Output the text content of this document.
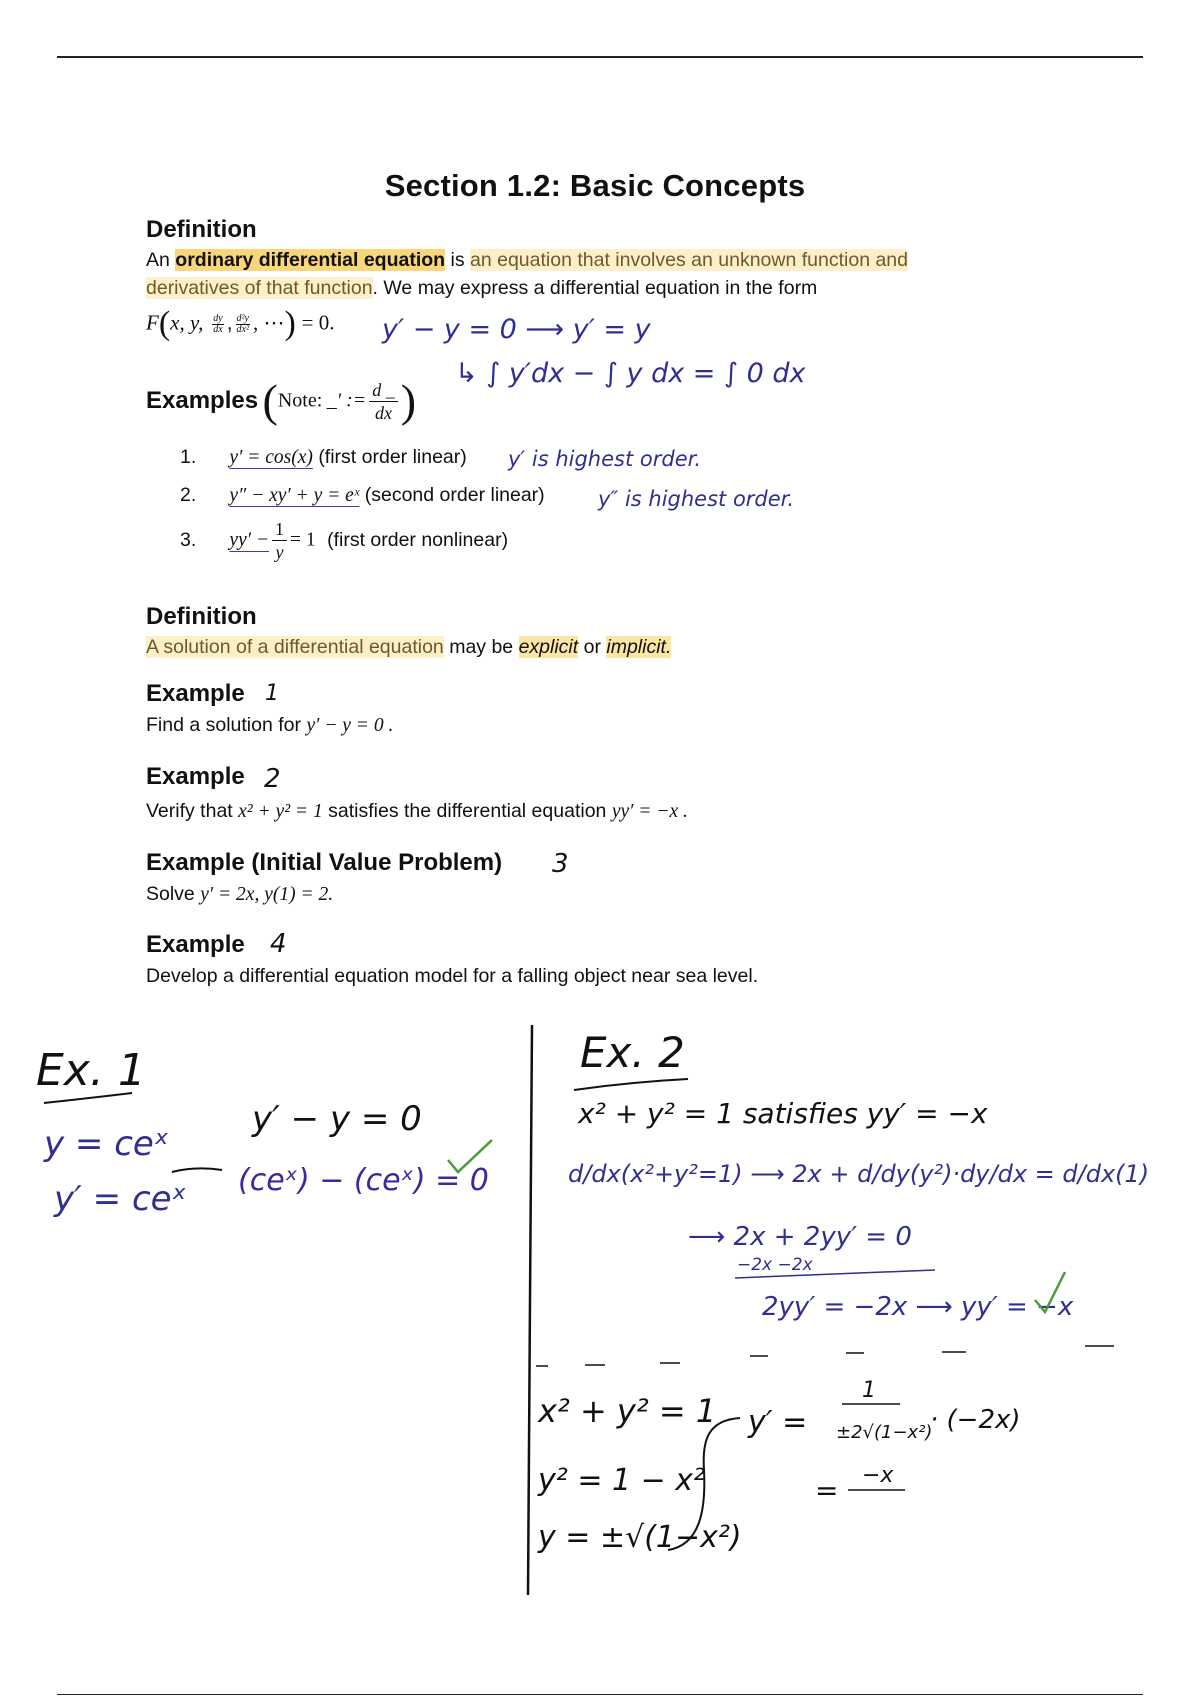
Section 1.2: Basic Concepts
Definition

An ordinary differential equation is an equation that involves an unknown function and

derivatives of that function. We may express a differential equation in the form

F(x, y, $\frac{dy}{dx}$ , $\frac{\text{d²y}}{\text{dx²}}$ , ⋯) = 0.
Examples (Note: _′ := $\frac{d \_}{dx}$ )
1. y′ = cos(x) (first order linear)
2. y″ − xy′ + y = eˣ (second order linear)
3. $yy' - \frac{1}{y} = 1$ (first order nonlinear)
Definition

A solution of a differential equation may be explicit or implicit.

Example

Find a solution for y′ − y = 0 .

Example

Verify that x² + y² = 1 satisfies the differential equation yy′ = −x .

Example (Initial Value Problem)

Solve y′ = 2x, y(1) = 2.

Example

Develop a differential equation model for a falling object near sea level.

y′ − y = 0 ⟶ y′ = y
↳ ∫ y′dx − ∫ y dx = ∫ 0 dx
y′ is highest order.
y″ is highest order.
1
2
3
4
Ex. 1
y = ceˣ
y′ = ceˣ
y′ − y = 0
(ceˣ) − (ceˣ) = 0
Ex. 2
x² + y² = 1 satisfies yy′ = −x
d/dx(x²+y²=1) ⟶ 2x + d/dy(y²)·dy/dx = d/dx(1)
⟶ 2x + 2yy′ = 0
−2x −2x
2yy′ = −2x ⟶ yy′ = −x
x² + y² = 1
y² = 1 − x²
y = ±√(1−x²)
y′ =
1
±2√(1−x²)
· (−2x)
= −x
